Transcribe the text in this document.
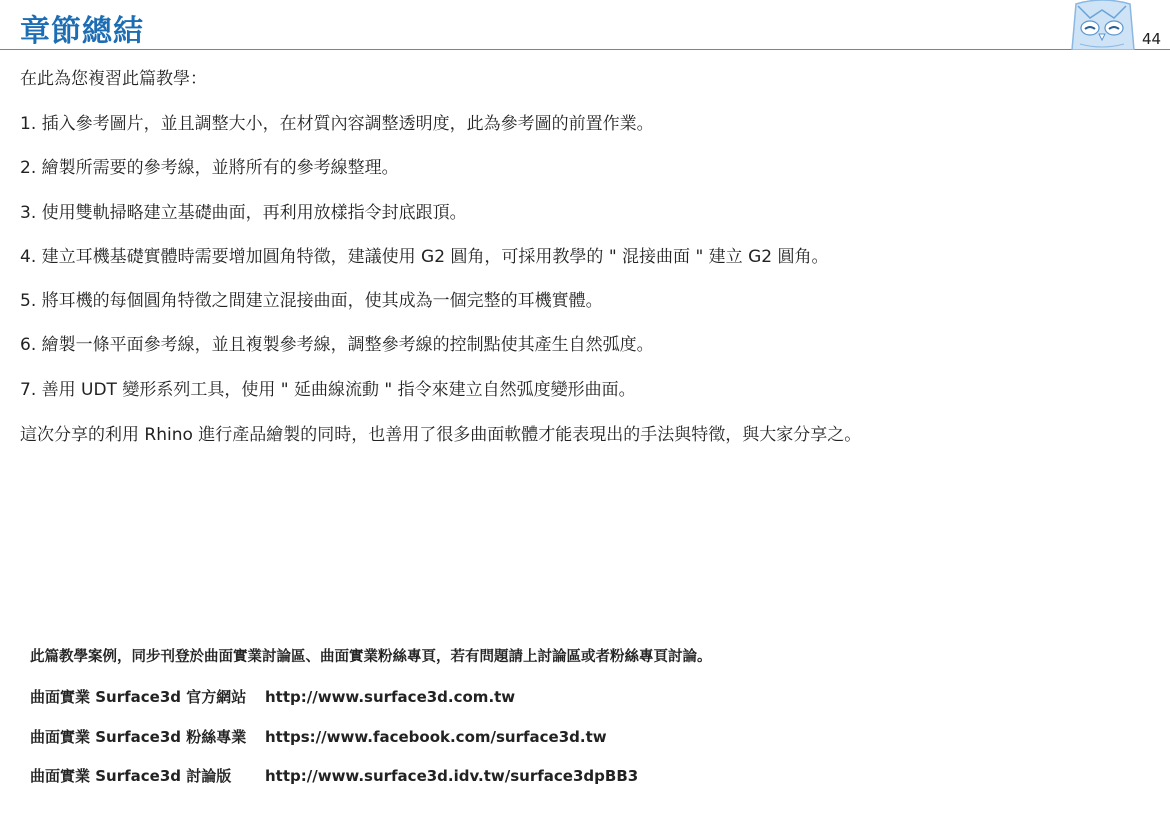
章節總結	44
在此為您複習此篇教學：
1. 插入參考圖片，並且調整大小，在材質內容調整透明度，此為參考圖的前置作業。
2. 繪製所需要的參考線，並將所有的參考線整理。
3. 使用雙軌掃略建立基礎曲面，再利用放樣指令封底跟頂。
4. 建立耳機基礎實體時需要增加圓角特徵，建議使用 G2 圓角，可採用教學的 " 混接曲面 " 建立 G2 圓角。
5. 將耳機的每個圓角特徵之間建立混接曲面，使其成為一個完整的耳機實體。
6. 繪製一條平面參考線，並且複製參考線，調整參考線的控制點使其產生自然弧度。
7. 善用 UDT 變形系列工具，使用 " 延曲線流動 " 指令來建立自然弧度變形曲面。
這次分享的利用 Rhino 進行產品繪製的同時，也善用了很多曲面軟體才能表現出的手法與特徵，與大家分享之。
此篇教學案例，同步刊登於曲面實業討論區、曲面實業粉絲專頁，若有問題請上討論區或者粉絲專頁討論。
曲面實業 Surface3d 官方網站 http://www.surface3d.com.tw
曲面實業 Surface3d 粉絲專業 https://www.facebook.com/surface3d.tw
曲面實業 Surface3d 討論版 http://www.surface3d.idv.tw/surface3dpBB3
